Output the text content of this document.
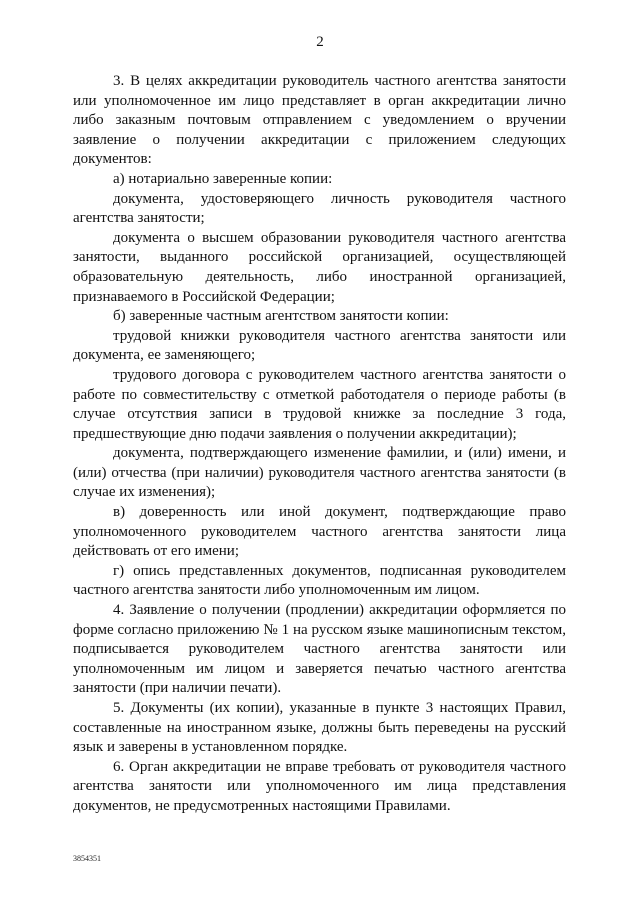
2

3. В целях аккредитации руководитель частного агентства занятости или уполномоченное им лицо представляет в орган аккредитации лично либо заказным почтовым отправлением с уведомлением о вручении заявление о получении аккредитации с приложением следующих документов:

а) нотариально заверенные копии:

документа, удостоверяющего личность руководителя частного агентства занятости;

документа о высшем образовании руководителя частного агентства занятости, выданного российской организацией, осуществляющей образовательную деятельность, либо иностранной организацией, признаваемого в Российской Федерации;

б) заверенные частным агентством занятости копии:

трудовой книжки руководителя частного агентства занятости или документа, ее заменяющего;

трудового договора с руководителем частного агентства занятости о работе по совместительству с отметкой работодателя о периоде работы (в случае отсутствия записи в трудовой книжке за последние 3 года, предшествующие дню подачи заявления о получении аккредитации);

документа, подтверждающего изменение фамилии, и (или) имени, и (или) отчества (при наличии) руководителя частного агентства занятости (в случае их изменения);

в) доверенность или иной документ, подтверждающие право уполномоченного руководителем частного агентства занятости лица действовать от его имени;

г) опись представленных документов, подписанная руководителем частного агентства занятости либо уполномоченным им лицом.

4. Заявление о получении (продлении) аккредитации оформляется по форме согласно приложению № 1 на русском языке машинописным текстом, подписывается руководителем частного агентства занятости или уполномоченным им лицом и заверяется печатью частного агентства занятости (при наличии печати).

5. Документы (их копии), указанные в пункте 3 настоящих Правил, составленные на иностранном языке, должны быть переведены на русский язык и заверены в установленном порядке.

6. Орган аккредитации не вправе требовать от руководителя частного агентства занятости или уполномоченного им лица представления документов, не предусмотренных настоящими Правилами.

3854351
